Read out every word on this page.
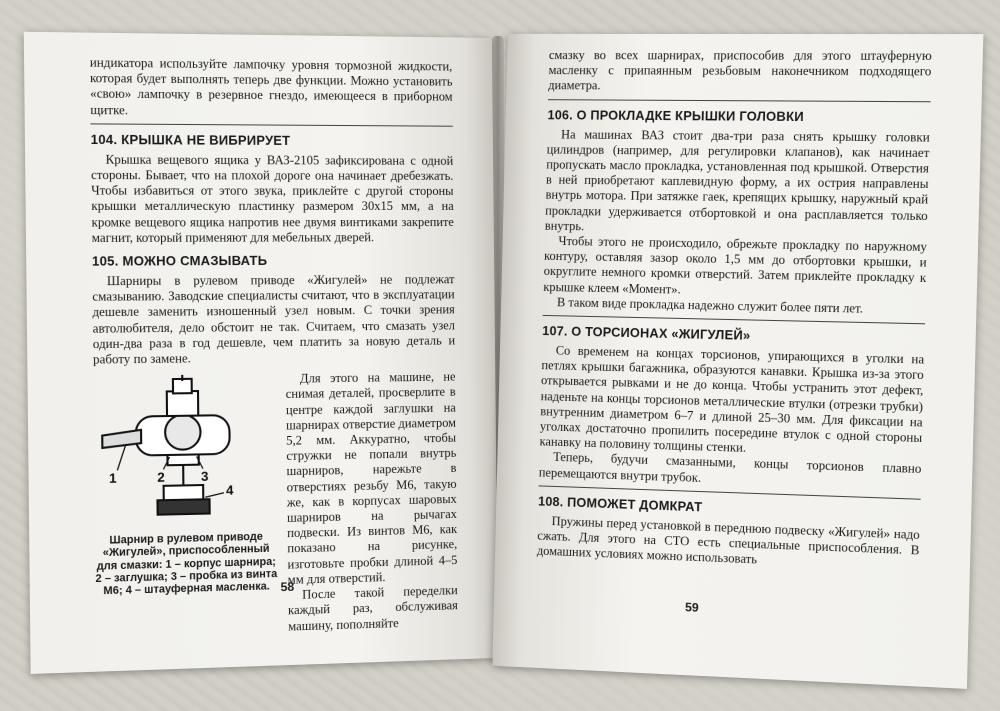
индикатора используйте лампочку уровня тормозной жидкости, которая будет выполнять теперь две функции. Можно установить «свою» лампочку в резервное гнездо, имеющееся в приборном щитке.

104. КРЫШКА НЕ ВИБРИРУЕТ

Крышка вещевого ящика у ВАЗ-2105 зафиксирована с одной стороны. Бывает, что на плохой дороге она начинает дребезжать. Чтобы избавиться от этого звука, приклейте с другой стороны крышки металлическую пластинку размером 30х15 мм, а на кромке вещевого ящика напротив нее двумя винтиками закрепите магнит, который применяют для мебельных дверей.

105. МОЖНО СМАЗЫВАТЬ

Шарниры в рулевом приводе «Жигулей» не подлежат смазыванию. Заводские специалисты считают, что в эксплуатации дешевле заменить изношенный узел новым. С точки зрения автолюбителя, дело обстоит не так. Считаем, что смазать узел один-два раза в год дешевле, чем платить за новую деталь и работу по замене.

1	2	3
4
Шарнир в рулевом приводе «Жигулей», приспособленный для смазки: 1 – корпус шарнира; 2 – заглушка; 3 – пробка из винта М6; 4 – штауферная масленка.

Для этого на машине, не снимая деталей, просверлите в центре каждой заглушки на шарнирах отверстие диаметром 5,2 мм. Аккуратно, чтобы стружки не попали внутрь шарниров, нарежьте в отверстиях резьбу М6, такую же, как в корпусах шаровых шарниров на рычагах подвески. Из винтов М6, как показано на рисунке, изготовьте пробки длиной 4–5 мм для отверстий.

После такой переделки каждый раз, обслуживая машину, пополняйте

58

смазку во всех шарнирах, приспособив для этого штауферную масленку с припаянным резьбовым наконечником подходящего диаметра.

106. О ПРОКЛАДКЕ КРЫШКИ ГОЛОВКИ

На машинах ВАЗ стоит два-три раза снять крышку головки цилиндров (например, для регулировки клапанов), как начинает пропускать масло прокладка, установленная под крышкой. Отверстия в ней приобретают каплевидную форму, а их острия направлены внутрь мотора. При затяжке гаек, крепящих крышку, наружный край прокладки удерживается отбортовкой и она расплавляется только внутрь.

Чтобы этого не происходило, обрежьте прокладку по наружному контуру, оставляя зазор около 1,5 мм до отбортовки крышки, и округлите немного кромки отверстий. Затем приклейте прокладку к крышке клеем «Момент».

В таком виде прокладка надежно служит более пяти лет.

107. О ТОРСИОНАХ «ЖИГУЛЕЙ»

Со временем на концах торсионов, упирающихся в уголки на петлях крышки багажника, образуются канавки. Крышка из-за этого открывается рывками и не до конца. Чтобы устранить этот дефект, наденьте на концы торсионов металлические втулки (отрезки трубки) внутренним диаметром 6–7 и длиной 25–30 мм. Для фиксации на уголках достаточно пропилить посередине втулок с одной стороны канавку на половину толщины стенки.

Теперь, будучи смазанными, концы торсионов плавно перемещаются внутри трубок.

108. ПОМОЖЕТ ДОМКРАТ

Пружины перед установкой в переднюю подвеску «Жигулей» надо сжать. Для этого на СТО есть специальные приспособления. В домашних условиях можно использовать

59
